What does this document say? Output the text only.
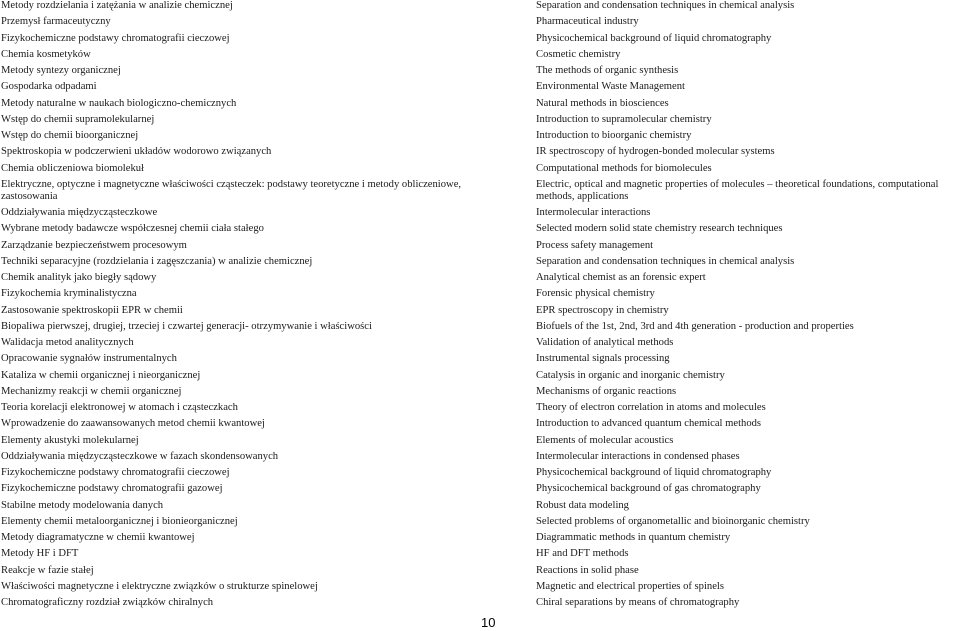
Metody rozdzielania i zatężania w analizie chemicznej
Przemysł farmaceutyczny
Fizykochemiczne podstawy chromatografii cieczowej
Chemia kosmetyków
Metody syntezy organicznej
Gospodarka odpadami
Metody naturalne w naukach biologiczno-chemicznych
Wstęp do chemii supramolekularnej
Wstęp do chemii bioorganicznej
Spektroskopia w podczerwieni układów wodorowo związanych
Chemia obliczeniowa biomolekuł
Elektryczne, optyczne i magnetyczne właściwości cząsteczek: podstawy teoretyczne i metody obliczeniowe, zastosowania
Oddziaływania międzycząsteczkowe
Wybrane metody badawcze współczesnej chemii ciała stałego
Zarządzanie bezpieczeństwem procesowym
Techniki separacyjne (rozdzielania i zagęszczania) w analizie chemicznej
Chemik analityk jako biegły sądowy
Fizykochemia kryminalistyczna
Zastosowanie spektroskopii EPR w chemii
Biopaliwa pierwszej, drugiej, trzeciej i czwartej generacji- otrzymywanie i właściwości
Walidacja metod analitycznych
Opracowanie sygnałów instrumentalnych
Kataliza w chemii organicznej i nieorganicznej
Mechanizmy reakcji w chemii organicznej
Teoria korelacji elektronowej w atomach i cząsteczkach
Wprowadzenie do zaawansowanych metod chemii kwantowej
Elementy akustyki molekularnej
Oddziaływania międzycząsteczkowe w fazach skondensowanych
Fizykochemiczne podstawy chromatografii cieczowej
Fizykochemiczne podstawy chromatografii gazowej
Stabilne metody modelowania danych
Elementy chemii metaloorganicznej i bionieorganicznej
Metody diagramatyczne w chemii kwantowej
Metody HF i DFT
Reakcje w fazie stałej
Właściwości magnetyczne i elektryczne związków o strukturze spinelowej
Chromatograficzny rozdział związków chiralnych
Separation and condensation techniques in chemical analysis
Pharmaceutical industry
Physicochemical background of liquid chromatography
Cosmetic chemistry
The methods of organic synthesis
Environmental Waste Management
Natural methods in biosciences
Introduction to supramolecular chemistry
Introduction to bioorganic chemistry
IR spectroscopy of hydrogen-bonded molecular systems
Computational methods for biomolecules
Electric, optical and magnetic properties of molecules – theoretical foundations, computational methods, applications
Intermolecular interactions
Selected modern solid state chemistry research techniques
Process safety management
Separation and condensation techniques in chemical analysis
Analytical chemist as an forensic expert
Forensic physical chemistry
EPR spectroscopy in chemistry
Biofuels of the 1st, 2nd, 3rd and 4th generation - production and properties
Validation of analytical methods
Instrumental signals processing
Catalysis in organic and inorganic chemistry
Mechanisms of organic reactions
Theory of electron correlation in atoms and molecules
Introduction to advanced quantum chemical methods
Elements of molecular acoustics
Intermolecular interactions in condensed phases
Physicochemical background of liquid chromatography
Physicochemical background of gas chromatography
Robust data modeling
Selected problems of organometallic and bioinorganic chemistry
Diagrammatic methods in quantum chemistry
HF and DFT methods
Reactions in solid phase
Magnetic and electrical properties of spinels
Chiral separations by means of chromatography
10
